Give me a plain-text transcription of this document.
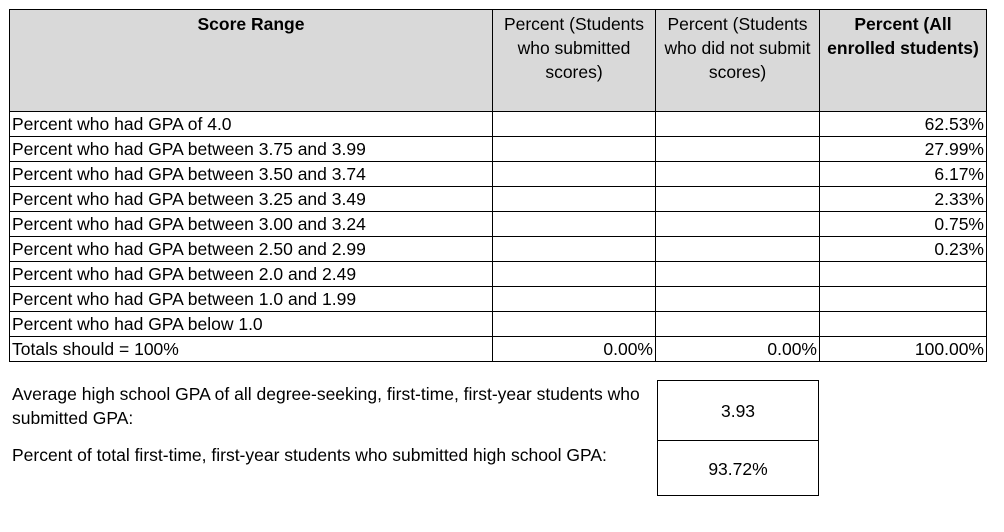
Score Range	Percent (Students who submitted scores)	Percent (Students who did not submit scores)	Percent (All enrolled students)
Percent who had GPA of 4.0			62.53%
Percent who had GPA between 3.75 and 3.99			27.99%
Percent who had GPA between 3.50 and 3.74			6.17%
Percent who had GPA between 3.25 and 3.49			2.33%
Percent who had GPA between 3.00 and 3.24			0.75%
Percent who had GPA between 2.50 and 2.99			0.23%
Percent who had GPA between 2.0 and 2.49			
Percent who had GPA between 1.0 and 1.99			
Percent who had GPA below 1.0			
Totals should = 100%	0.00%	0.00%	100.00%
Average high school GPA of all degree-seeking, first-time, first-year students who submitted GPA:	3.93
Percent of total first-time, first-year students who submitted high school GPA:
93.72%
